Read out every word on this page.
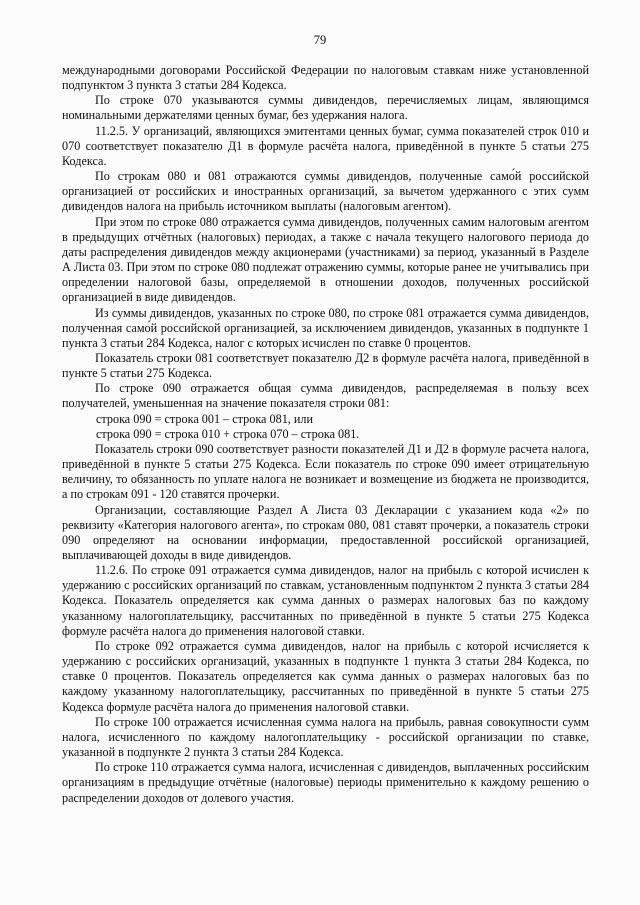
79

международными договорами Российской Федерации по налоговым ставкам ниже установленной подпунктом 3 пункта 3 статьи 284 Кодекса.

По строке 070 указываются суммы дивидендов, перечисляемых лицам, являющимся номинальными держателями ценных бумаг, без удержания налога.

11.2.5. У организаций, являющихся эмитентами ценных бумаг, сумма показателей строк 010 и 070 соответствует показателю Д1 в формуле расчёта налога, приведённой в пункте 5 статьи 275 Кодекса.

По строкам 080 и 081 отражаются суммы дивидендов, полученные само́й российской организацией от российских и иностранных организаций, за вычетом удержанного с этих сумм дивидендов налога на прибыль источником выплаты (налоговым агентом).

При этом по строке 080 отражается сумма дивидендов, полученных самим налоговым агентом в предыдущих отчётных (налоговых) периодах, а также с начала текущего налогового периода до даты распределения дивидендов между акционерами (участниками) за период, указанный в Разделе А Листа 03. При этом по строке 080 подлежат отражению суммы, которые ранее не учитывались при определении налоговой базы, определяемой в отношении доходов, полученных российской организацией в виде дивидендов.

Из суммы дивидендов, указанных по строке 080, по строке 081 отражается сумма дивидендов, полученная само́й российской организацией, за исключением дивидендов, указанных в подпункте 1 пункта 3 статьи 284 Кодекса, налог с которых исчислен по ставке 0 процентов.

Показатель строки 081 соответствует показателю Д2 в формуле расчёта налога, приведённой в пункте 5 статьи 275 Кодекса.

По строке 090 отражается общая сумма дивидендов, распределяемая в пользу всех получателей, уменьшенная на значение показателя строки 081:

строка 090 = строка 001 – строка 081, или

строка 090 = строка 010 + строка 070 – строка 081.

Показатель строки 090 соответствует разности показателей Д1 и Д2 в формуле расчета налога, приведённой в пункте 5 статьи 275 Кодекса. Если показатель по строке 090 имеет отрицательную величину, то обязанность по уплате налога не возникает и возмещение из бюджета не производится, а по строкам 091 - 120 ставятся прочерки.

Организации, составляющие Раздел А Листа 03 Декларации с указанием кода «2» по реквизиту «Категория налогового агента», по строкам 080, 081 ставят прочерки, а показатель строки 090 определяют на основании информации, предоставленной российской организацией, выплачивающей доходы в виде дивидендов.

11.2.6. По строке 091 отражается сумма дивидендов, налог на прибыль с которой исчислен к удержанию с российских организаций по ставкам, установленным подпунктом 2 пункта 3 статьи 284 Кодекса. Показатель определяется как сумма данных о размерах налоговых баз по каждому указанному налогоплательщику, рассчитанных по приведённой в пункте 5 статьи 275 Кодекса формуле расчёта налога до применения налоговой ставки.

По строке 092 отражается сумма дивидендов, налог на прибыль с которой исчисляется к удержанию с российских организаций, указанных в подпункте 1 пункта 3 статьи 284 Кодекса, по ставке 0 процентов. Показатель определяется как сумма данных о размерах налоговых баз по каждому указанному налогоплательщику, рассчитанных по приведённой в пункте 5 статьи 275 Кодекса формуле расчёта налога до применения налоговой ставки.

По строке 100 отражается исчисленная сумма налога на прибыль, равная совокупности сумм налога, исчисленного по каждому налогоплательщику - российской организации по ставке, указанной в подпункте 2 пункта 3 статьи 284 Кодекса.

По строке 110 отражается сумма налога, исчисленная с дивидендов, выплаченных российским организациям в предыдущие отчётные (налоговые) периоды применительно к каждому решению о распределении доходов от долевого участия.
